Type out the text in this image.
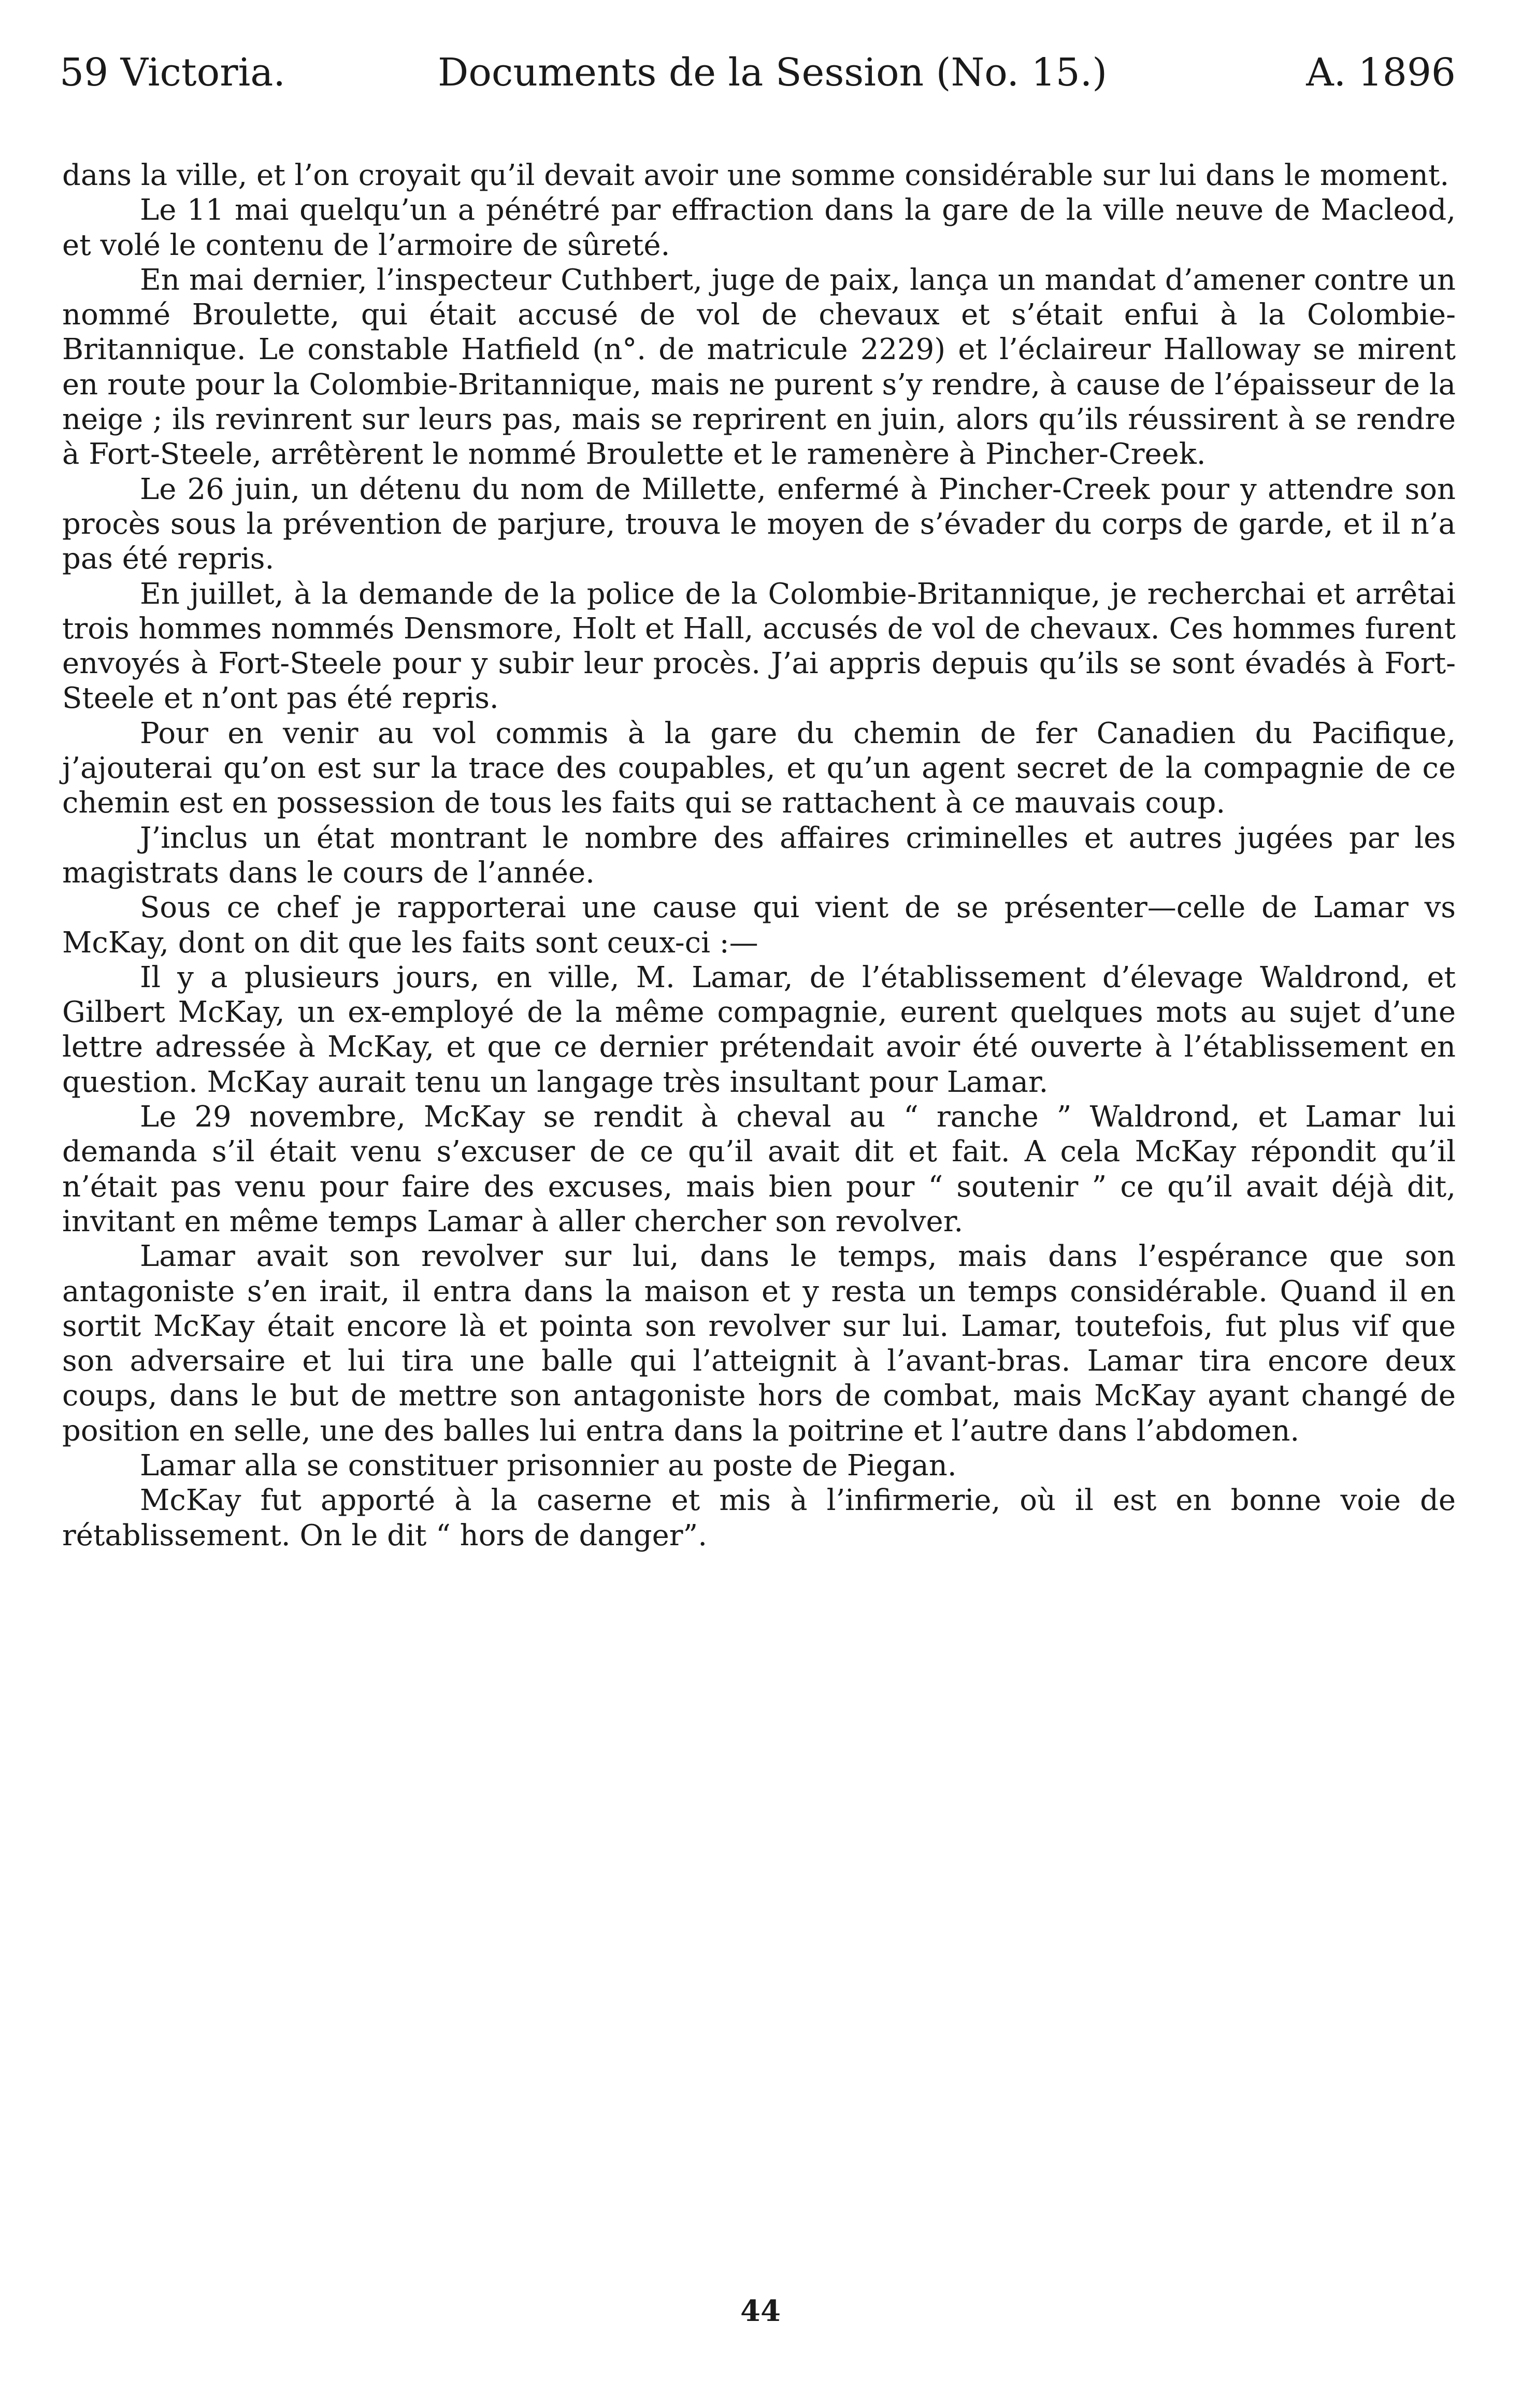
59 Victoria.	Documents de la Session (No. 15.)	A. 1896

dans la ville, et l’on croyait qu’il devait avoir une somme considérable sur lui dans le moment.

Le 11 mai quelqu’un a pénétré par effraction dans la gare de la ville neuve de Macleod, et volé le contenu de l’armoire de sûreté.

En mai dernier, l’inspecteur Cuthbert, juge de paix, lança un mandat d’amener contre un nommé Broulette, qui était accusé de vol de chevaux et s’était enfui à la Colombie-Britannique. Le constable Hatfield (n°. de matricule 2229) et l’éclaireur Halloway se mirent en route pour la Colombie-Britannique, mais ne purent s’y rendre, à cause de l’épaisseur de la neige ; ils revinrent sur leurs pas, mais se reprirent en juin, alors qu’ils réussirent à se rendre à Fort-Steele, arrêtèrent le nommé Broulette et le ramenère à Pincher-Creek.

Le 26 juin, un détenu du nom de Millette, enfermé à Pincher-Creek pour y attendre son procès sous la prévention de parjure, trouva le moyen de s’évader du corps de garde, et il n’a pas été repris.

En juillet, à la demande de la police de la Colombie-Britannique, je recherchai et arrêtai trois hommes nommés Densmore, Holt et Hall, accusés de vol de chevaux. Ces hommes furent envoyés à Fort-Steele pour y subir leur procès. J’ai appris depuis qu’ils se sont évadés à Fort-Steele et n’ont pas été repris.

Pour en venir au vol commis à la gare du chemin de fer Canadien du Pacifique, j’ajouterai qu’on est sur la trace des coupables, et qu’un agent secret de la compagnie de ce chemin est en possession de tous les faits qui se rattachent à ce mauvais coup.

J’inclus un état montrant le nombre des affaires criminelles et autres jugées par les magistrats dans le cours de l’année.

Sous ce chef je rapporterai une cause qui vient de se présenter—celle de Lamar vs McKay, dont on dit que les faits sont ceux-ci :—

Il y a plusieurs jours, en ville, M. Lamar, de l’établissement d’élevage Waldrond, et Gilbert McKay, un ex-employé de la même compagnie, eurent quelques mots au sujet d’une lettre adressée à McKay, et que ce dernier prétendait avoir été ouverte à l’établissement en question. McKay aurait tenu un langage très insultant pour Lamar.

Le 29 novembre, McKay se rendit à cheval au “ ranche ” Waldrond, et Lamar lui demanda s’il était venu s’excuser de ce qu’il avait dit et fait. A cela McKay répondit qu’il n’était pas venu pour faire des excuses, mais bien pour “ soutenir ” ce qu’il avait déjà dit, invitant en même temps Lamar à aller chercher son revolver.

Lamar avait son revolver sur lui, dans le temps, mais dans l’espérance que son antagoniste s’en irait, il entra dans la maison et y resta un temps considérable. Quand il en sortit McKay était encore là et pointa son revolver sur lui. Lamar, toutefois, fut plus vif que son adversaire et lui tira une balle qui l’atteignit à l’avant-bras. Lamar tira encore deux coups, dans le but de mettre son antagoniste hors de combat, mais McKay ayant changé de position en selle, une des balles lui entra dans la poitrine et l’autre dans l’abdomen.

Lamar alla se constituer prisonnier au poste de Piegan.

McKay fut apporté à la caserne et mis à l’infirmerie, où il est en bonne voie de rétablissement. On le dit “ hors de danger”.

44
